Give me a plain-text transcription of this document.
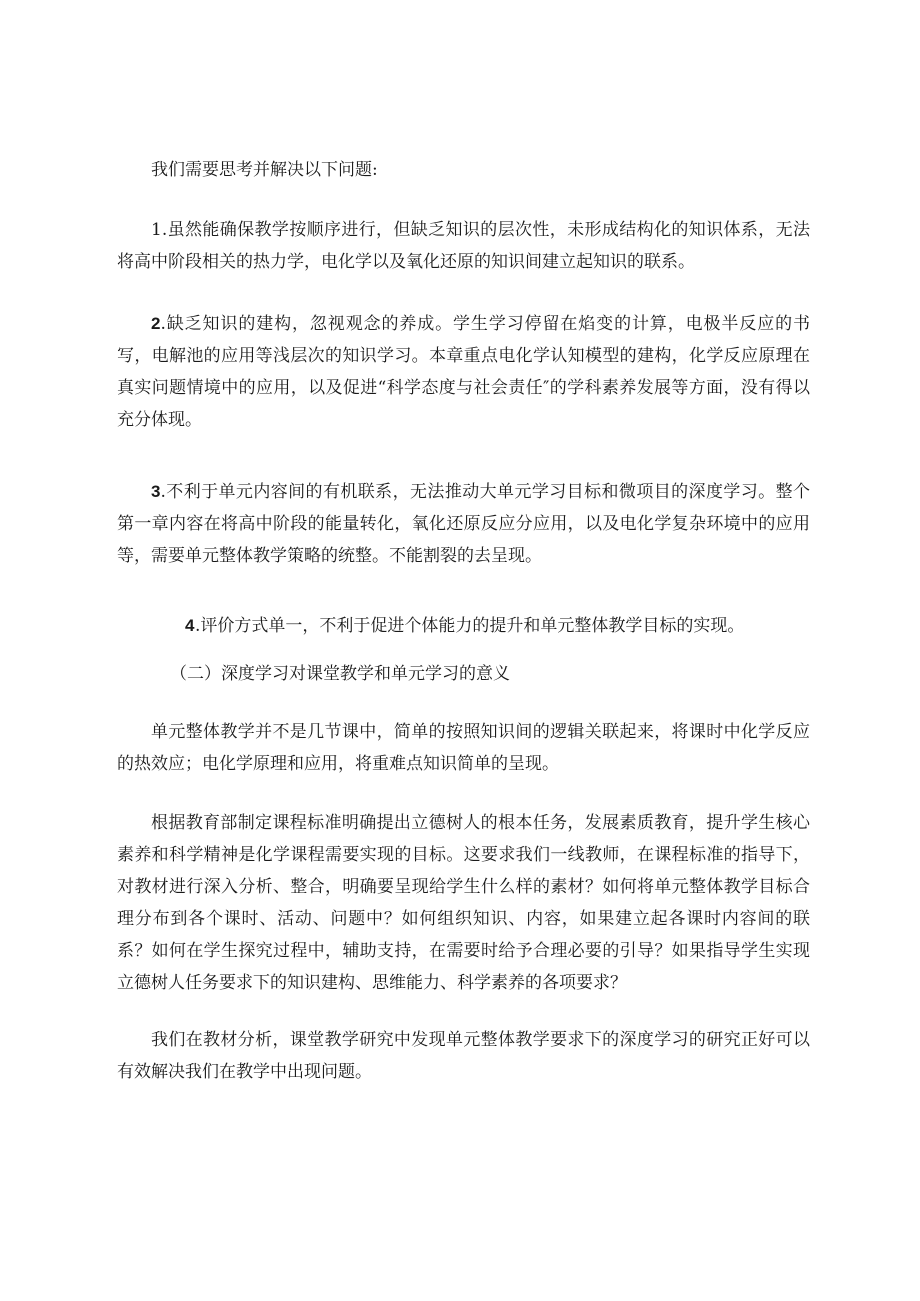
我们需要思考并解决以下问题:

1.虽然能确保教学按顺序进行，但缺乏知识的层次性，未形成结构化的知识体系，无法将高中阶段相关的热力学，电化学以及氧化还原的知识间建立起知识的联系。

2.缺乏知识的建构，忽视观念的养成。学生学习停留在焰变的计算，电极半反应的书写，电解池的应用等浅层次的知识学习。本章重点电化学认知模型的建构，化学反应原理在真实问题情境中的应用，以及促进“科学态度与社会责任″的学科素养发展等方面，没有得以充分体现。

3.不利于单元内容间的有机联系，无法推动大单元学习目标和微项目的深度学习。整个第一章内容在将高中阶段的能量转化，氧化还原反应分应用，以及电化学复杂环境中的应用等，需要单元整体教学策略的统整。不能割裂的去呈现。

4.评价方式单一，不利于促进个体能力的提升和单元整体教学目标的实现。

（二）深度学习对课堂教学和单元学习的意义

单元整体教学并不是几节课中，简单的按照知识间的逻辑关联起来，将课时中化学反应的热效应；电化学原理和应用，将重难点知识简单的呈现。

根据教育部制定课程标准明确提出立德树人的根本任务，发展素质教育，提升学生核心素养和科学精神是化学课程需要实现的目标。这要求我们一线教师，在课程标准的指导下，对教材进行深入分析、整合，明确要呈现给学生什么样的素材？如何将单元整体教学目标合理分布到各个课时、活动、问题中？如何组织知识、内容，如果建立起各课时内容间的联系？如何在学生探究过程中，辅助支持，在需要时给予合理必要的引导？如果指导学生实现立德树人任务要求下的知识建构、思维能力、科学素养的各项要求？

我们在教材分析，课堂教学研究中发现单元整体教学要求下的深度学习的研究正好可以有效解决我们在教学中出现问题。
